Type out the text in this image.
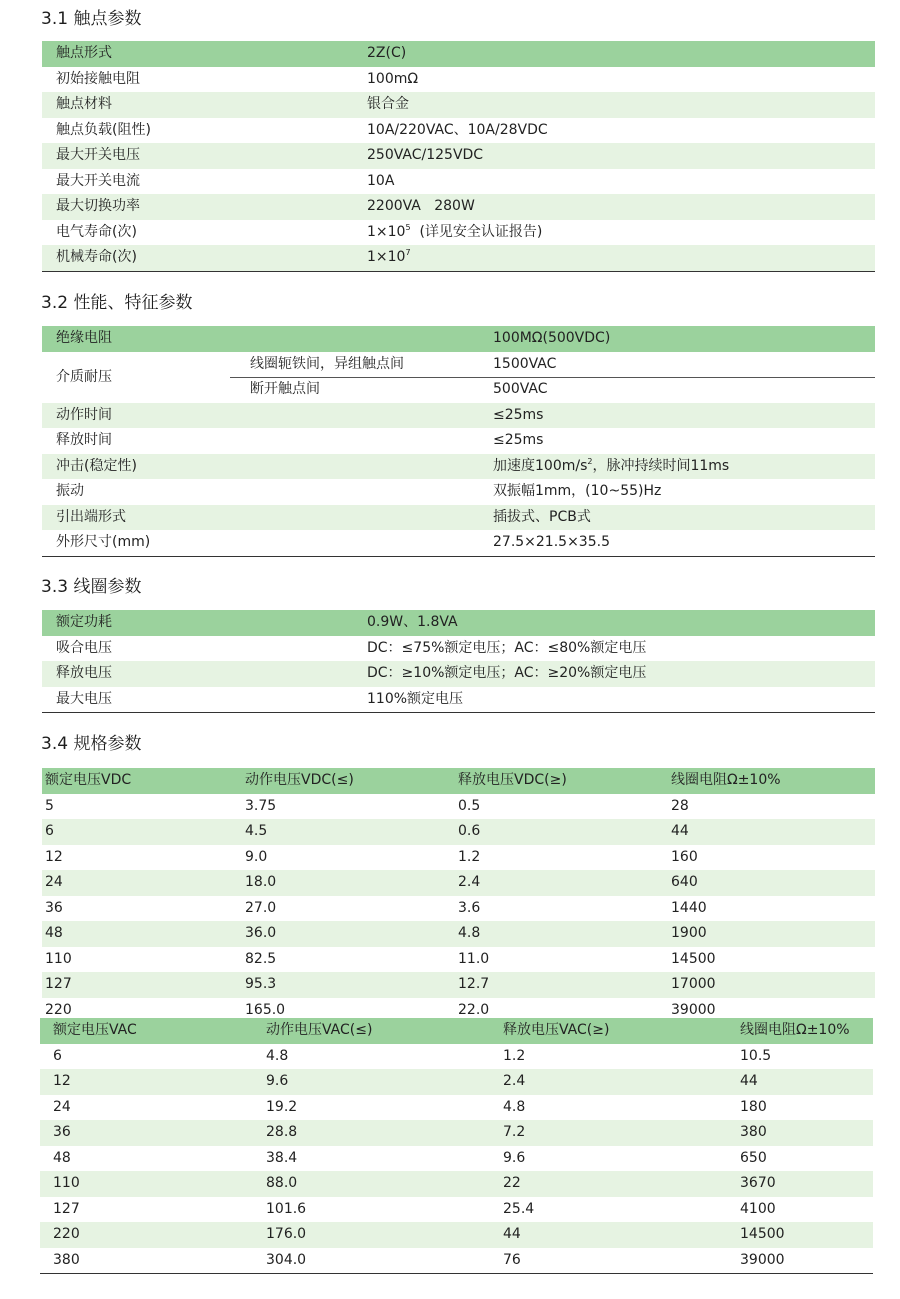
3.1 触点参数
触点形式	2Z(C)
初始接触电阻	100mΩ
触点材料	银合金
触点负载(阻性)	10A/220VAC、10A/28VDC
最大开关电压	250VAC/125VDC
最大开关电流	10A
最大切换功率	2200VA   280W
电气寿命(次)	$1\times 10^5$  (详见安全认证报告)
机械寿命(次)	$1\times 10^7$
3.2 性能、特征参数
绝缘电阻	100MΩ(500VDC)
介质耐压
线圈轭铁间，异组触点间	1500VAC
断开触点间	500VAC
动作时间	≤25ms
释放时间	≤25ms
冲击(稳定性)	加速度$100m/s^2$，脉冲持续时间11ms
振动	双振幅1mm，(10~55)Hz
引出端形式	插拔式、PCB式
外形尺寸(mm)	27.5×21.5×35.5
3.3 线圈参数
额定功耗	0.9W、1.8VA
吸合电压	DC：≤75%额定电压；AC：≤80%额定电压
释放电压	DC：≥10%额定电压；AC：≥20%额定电压
最大电压	110%额定电压
3.4 规格参数
额定电压VDC	动作电压VDC(≤)	释放电压VDC(≥)	线圈电阻Ω±10%
5	3.75	0.5	28
6	4.5	0.6	44
12	9.0	1.2	160
24	18.0	2.4	640
36	27.0	3.6	1440
48	36.0	4.8	1900
110	82.5	11.0	14500
127	95.3	12.7	17000
220	165.0	22.0	39000
额定电压VAC	动作电压VAC(≤)	释放电压VAC(≥)	线圈电阻Ω±10%
6	4.8	1.2	10.5
12	9.6	2.4	44
24	19.2	4.8	180
36	28.8	7.2	380
48	38.4	9.6	650
110	88.0	22	3670
127	101.6	25.4	4100
220	176.0	44	14500
380	304.0	76	39000
